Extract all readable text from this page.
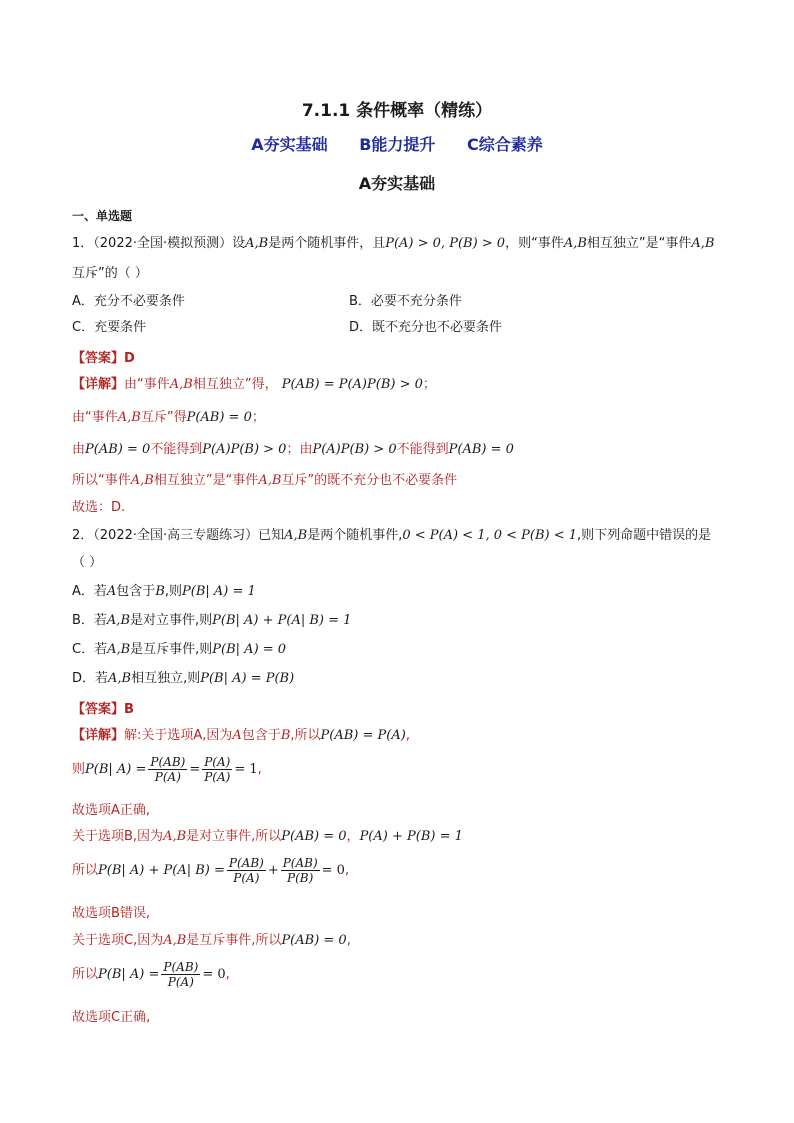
7.1.1 条件概率（精练）
A夯实基础 B能力提升 C综合素养
A夯实基础
一、单选题
1．（2022·全国·模拟预测）设A,B是两个随机事件，且P(A) > 0, P(B) > 0，则“事件A,B相互独立”是“事件A,B
互斥”的（ ）
A．充分不必要条件	B．必要不充分条件
C．充要条件	D．既不充分也不必要条件
【答案】D
【详解】由“事件A,B相互独立”得， P(AB) = P(A)P(B) > 0；
由“事件A,B互斥”得P(AB) = 0；
由P(AB) = 0不能得到P(A)P(B) > 0；由P(A)P(B) > 0不能得到P(AB) = 0
所以“事件A,B相互独立”是“事件A,B互斥”的既不充分也不必要条件
故选：D.
2．（2022·全国·高三专题练习）已知A,B是两个随机事件,0 < P(A) < 1, 0 < P(B) < 1,则下列命题中错误的是
（ ）
A．若A包含于B,则P(B| A) = 1
B．若A,B是对立事件,则P(B| A) + P(A| B) = 1
C．若A,B是互斥事件,则P(B| A) = 0
D．若A,B相互独立,则P(B| A) = P(B)
【答案】B
【详解】解:关于选项A,因为A包含于B,所以P(AB) = P(A),
则 P(B| $A) = \frac{P(AB)}{P(A)} = \frac{P(A)}{P(A)} = 1$ ,
故选项A正确,
关于选项B,因为A,B是对立事件,所以P(AB) = 0，P(A) + P(B) = 1
所以 P(B| A) + P(A| $B) = \frac{P(AB)}{P(A)} + \frac{P(AB)}{P(B)} = 0$ ,
故选项B错误,
关于选项C,因为A,B是互斥事件,所以P(AB) = 0,
所以 P(B| $A) = \frac{P(AB)}{P(A)} = 0$ ,
故选项C正确,
